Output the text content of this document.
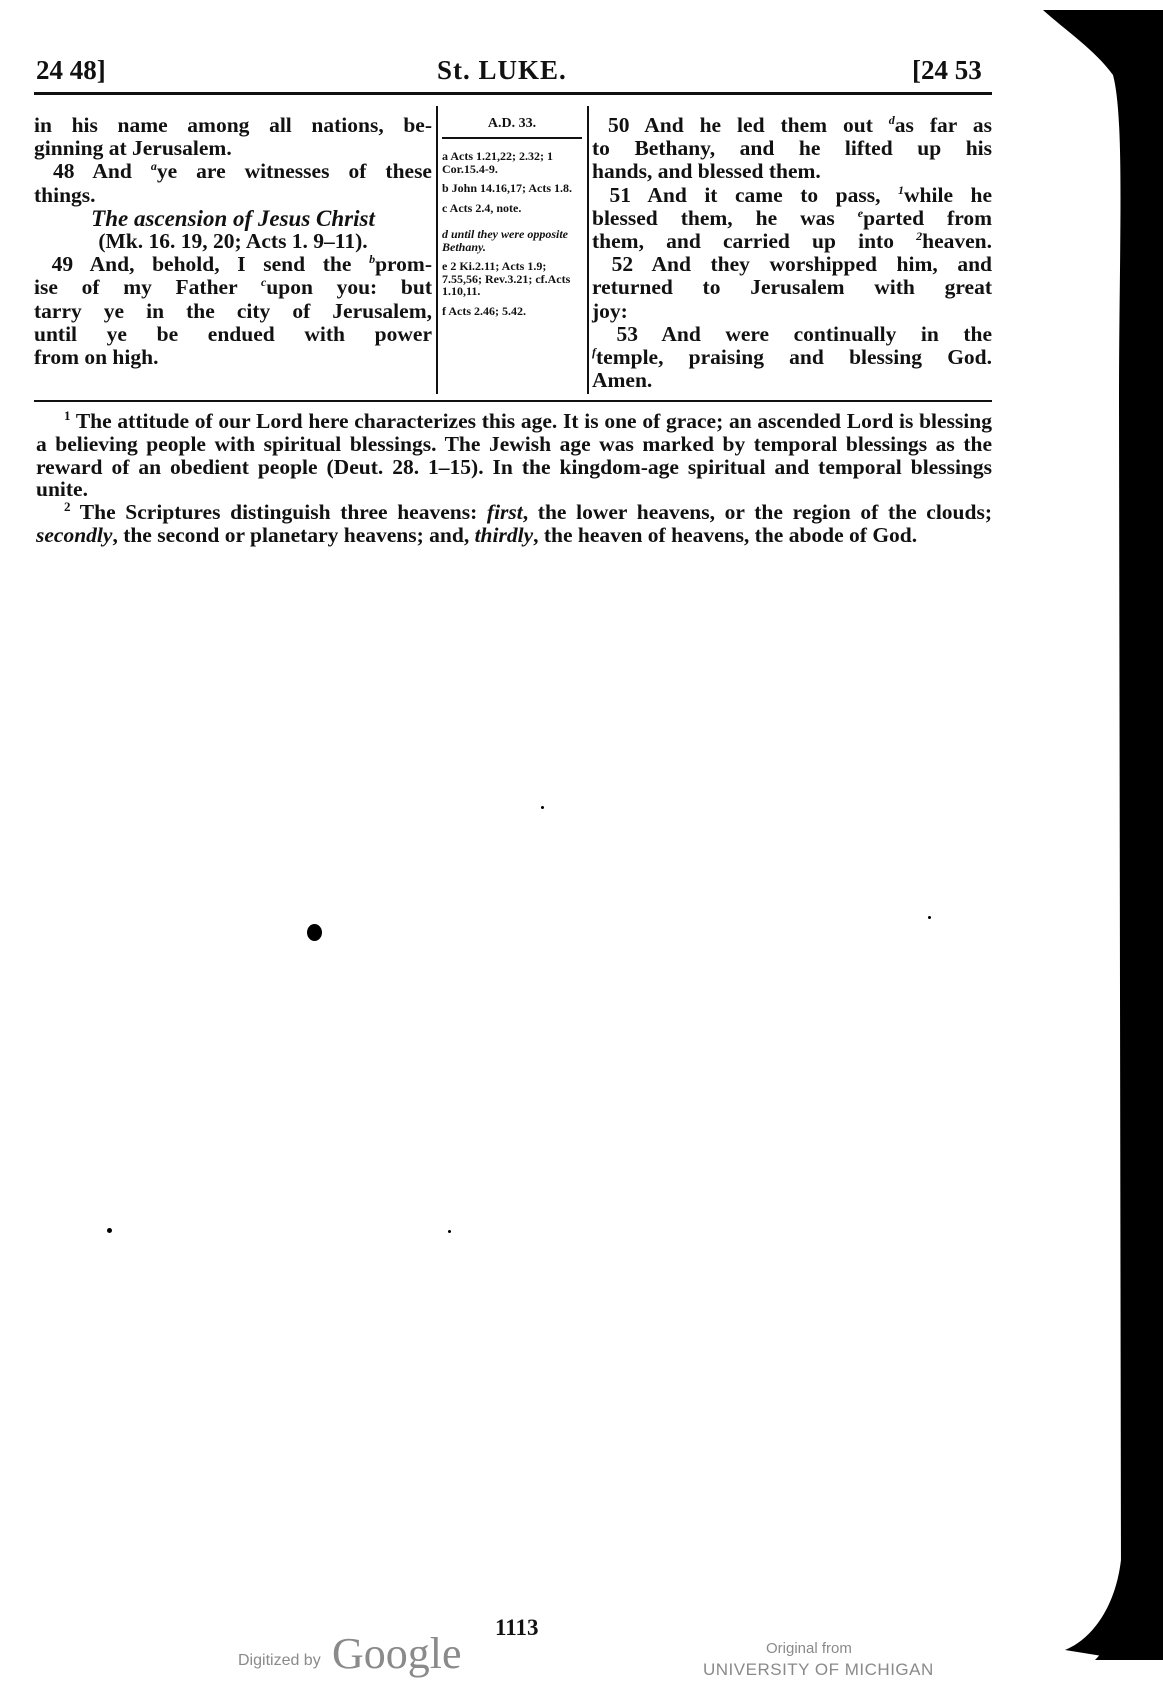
24 48]	St. LUKE.	[24 53

in his name among all nations, be-

ginning at Jerusalem.

48 And $^a$ye are witnesses of these

things.

The ascension of Jesus Christ

(Mk. 16. 19, 20; Acts 1. 9–11).

49 And, behold, I send the $^b$prom-

ise of my Father $^c$upon you: but

tarry ye in the city of Jerusalem,

until ye be endued with power

from on high.

A.D. 33.

a Acts 1.21,22; 2.32; 1 Cor.15.4-9.

b John 14.16,17; Acts 1.8.

c Acts 2.4, note.

d until they were opposite Bethany.

e 2 Ki.2.11; Acts 1.9; 7.55,56; Rev.3.21; cf.Acts 1.10,11.

f Acts 2.46; 5.42.

50 And he led them out $^d$as far as

to Bethany, and he lifted up his

hands, and blessed them.

51 And it came to pass, $^1$while he

blessed them, he was $^e$parted from

them, and carried up into $^2$heaven.

52 And they worshipped him, and

returned to Jerusalem with great

joy:

53 And were continually in the

$^f$temple, praising and blessing God.

Amen.

$^1$ The attitude of our Lord here characterizes this age. It is one of grace; an ascended Lord is blessing a believing people with spiritual blessings. The Jewish age was marked by temporal blessings as the reward of an obedient people (Deut. 28. 1–15). In the kingdom-age spiritual and temporal blessings unite.

$^2$ The Scriptures distinguish three heavens: first, the lower heavens, or the region of the clouds; secondly, the second or planetary heavens; and, thirdly, the heaven of heavens, the abode of God.

1113
Digitized by Google	Original from
UNIVERSITY OF MICHIGAN
